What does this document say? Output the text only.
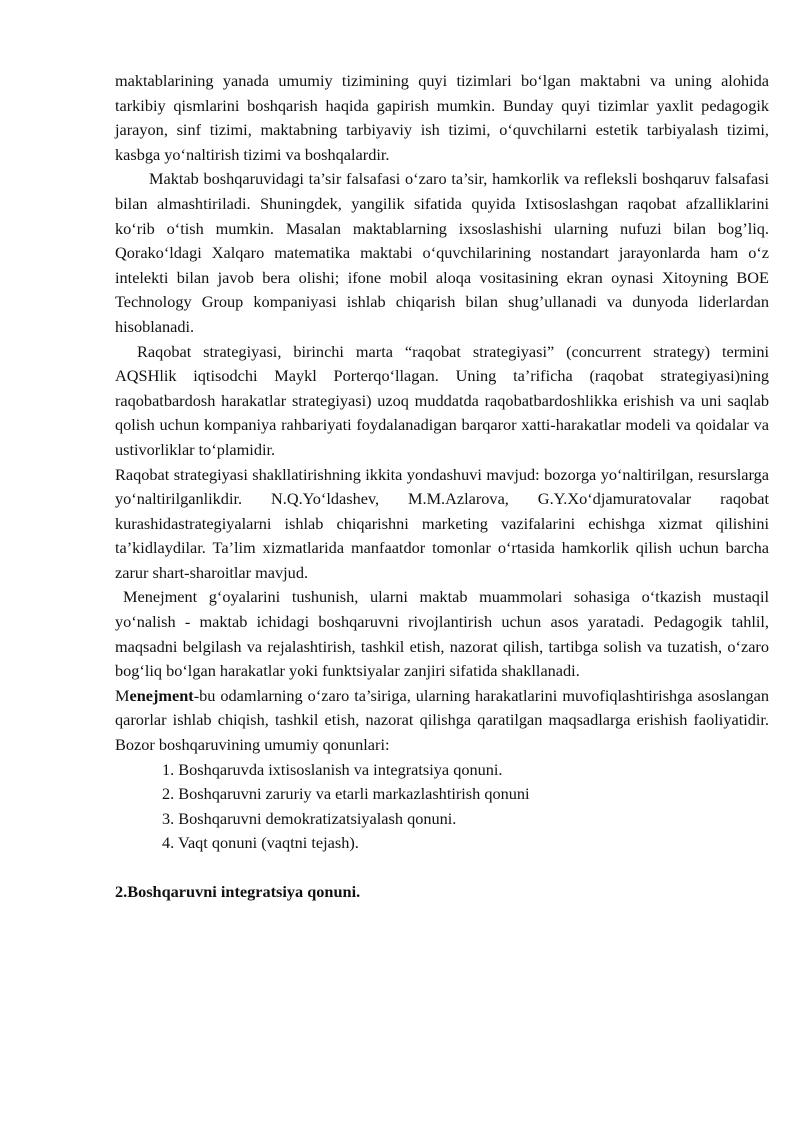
maktablarining yanada umumiy tizimining quyi tizimlari bo‘lgan maktabni va uning alohida tarkibiy qismlarini boshqarish haqida gapirish mumkin. Bunday quyi tizimlar yaxlit pedagogik jarayon, sinf tizimi, maktabning tarbiyaviy ish tizimi, o‘quvchilarni estetik tarbiyalash tizimi, kasbga yo‘naltirish tizimi va boshqalardir.

Maktab boshqaruvidagi ta’sir falsafasi o‘zaro ta’sir, hamkorlik va refleksli boshqaruv falsafasi bilan almashtiriladi. Shuningdek, yangilik sifatida quyida Ixtisoslashgan raqobat afzalliklarini ko‘rib o‘tish mumkin. Masalan maktablarning ixsoslashishi ularning nufuzi bilan bog’liq. Qorako‘ldagi Xalqaro matematika maktabi o‘quvchilarining nostandart jarayonlarda ham o‘z intelekti bilan javob bera olishi; ifone mobil aloqa vositasining ekran oynasi Xitoyning BOE Technology Group kompaniyasi ishlab chiqarish bilan shug’ullanadi va dunyoda liderlardan hisoblanadi.

Raqobat strategiyasi, birinchi marta “raqobat strategiyasi” (concurrent strategy) termini AQSHlik iqtisodchi Maykl Porterqo‘llagan. Uning ta’rificha (raqobat strategiyasi)ning raqobatbardosh harakatlar strategiyasi) uzoq muddatda raqobatbardoshlikka erishish va uni saqlab qolish uchun kompaniya rahbariyati foydalanadigan barqaror xatti-harakatlar modeli va qoidalar va ustivorliklar to‘plamidir.

Raqobat strategiyasi shakllatirishning ikkita yondashuvi mavjud: bozorga yo‘naltirilgan, resurslarga yo‘naltirilganlikdir. N.Q.Yo‘ldashev, M.M.Azlarova, G.Y.Xo‘djamuratovalar raqobat kurashidastrategiyalarni ishlab chiqarishni marketing vazifalarini echishga xizmat qilishini ta’kidlaydilar. Ta’lim xizmatlarida manfaatdor tomonlar o‘rtasida hamkorlik qilish uchun barcha zarur shart-sharoitlar mavjud.

Menejment g‘oyalarini tushunish, ularni maktab muammolari sohasiga o‘tkazish mustaqil yo‘nalish - maktab ichidagi boshqaruvni rivojlantirish uchun asos yaratadi. Pedagogik tahlil, maqsadni belgilash va rejalashtirish, tashkil etish, nazorat qilish, tartibga solish va tuzatish, o‘zaro bog‘liq bo‘lgan harakatlar yoki funktsiyalar zanjiri sifatida shakllanadi.

Menejment-bu odamlarning o‘zaro ta’siriga, ularning harakatlarini muvofiqlashtirishga asoslangan qarorlar ishlab chiqish, tashkil etish, nazorat qilishga qaratilgan maqsadlarga erishish faoliyatidir. Bozor boshqaruvining umumiy qonunlari:

1. Boshqaruvda ixtisoslanish va integratsiya qonuni.
2. Boshqaruvni zaruriy va etarli markazlashtirish qonuni
3. Boshqaruvni demokratizatsiyalash qonuni.
4. Vaqt qonuni (vaqtni tejash).

2.Boshqaruvni integratsiya qonuni.
